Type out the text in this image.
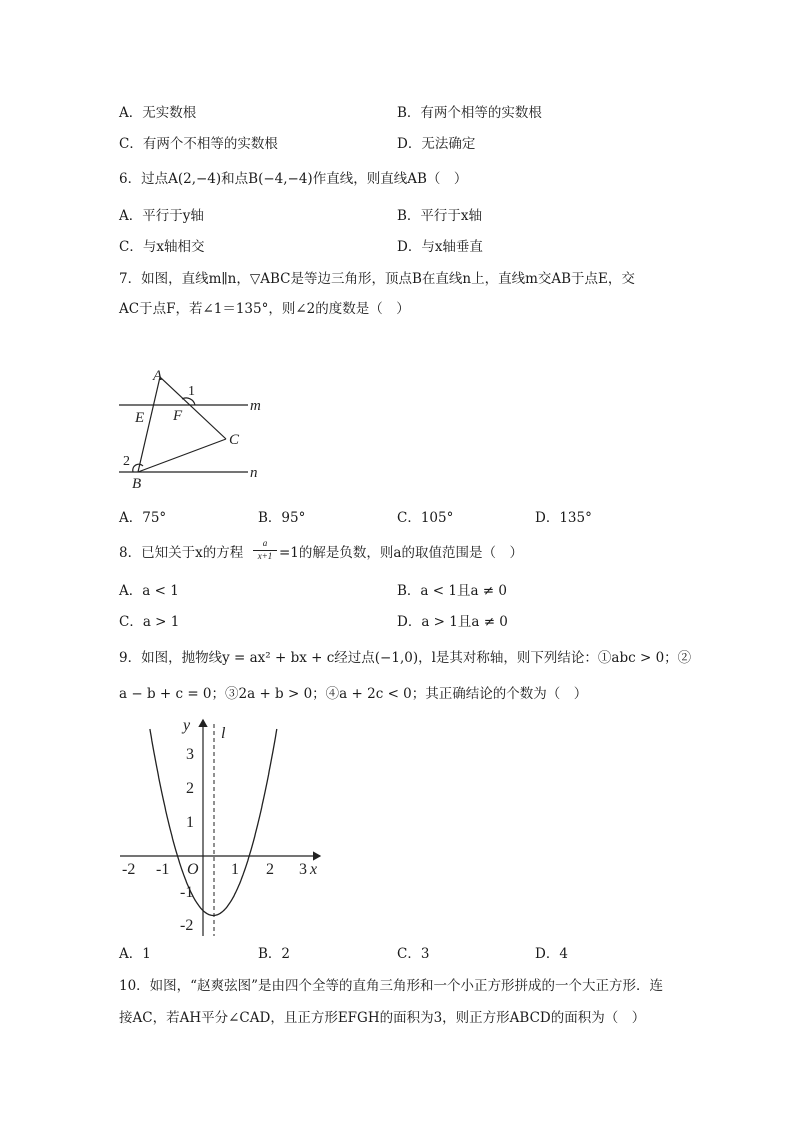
A．无实数根	B．有两个相等的实数根
C．有两个不相等的实数根	D．无法确定
6．过点A(2,−4)和点B(−4,−4)作直线，则直线AB（　）
A．平行于y轴	B．平行于x轴
C．与x轴相交	D．与x轴垂直
7．如图，直线m∥n，▽ABC是等边三角形，顶点B在直线n上，直线m交AB于点E，交
AC于点F，若∠1＝135°，则∠2的度数是（　）
A
B
C
E F
m
n
1
2
A．75°	B．95°	C．105°	D．135°
8．已知关于x的方程
a
x+1 =1的解是负数，则a的取值范围是（　）
A．a < 1	B．a < 1且a ≠ 0
C．a > 1	D．a > 1且a ≠ 0
9．如图，抛物线y = ax² + bx + c经过点(−1,0)，l是其对称轴，则下列结论：①abc > 0；②
a − b + c = 0；③2a + b > 0；④a + 2c < 0；其正确结论的个数为（　）
y
x
O
l
-2 -1	1 2 3
3
2
1
-1
-2
A．1	B．2	C．3	D．4
10．如图，“赵爽弦图”是由四个全等的直角三角形和一个小正方形拼成的一个大正方形．连
接AC，若AH平分∠CAD，且正方形EFGH的面积为3，则正方形ABCD的面积为（　）
